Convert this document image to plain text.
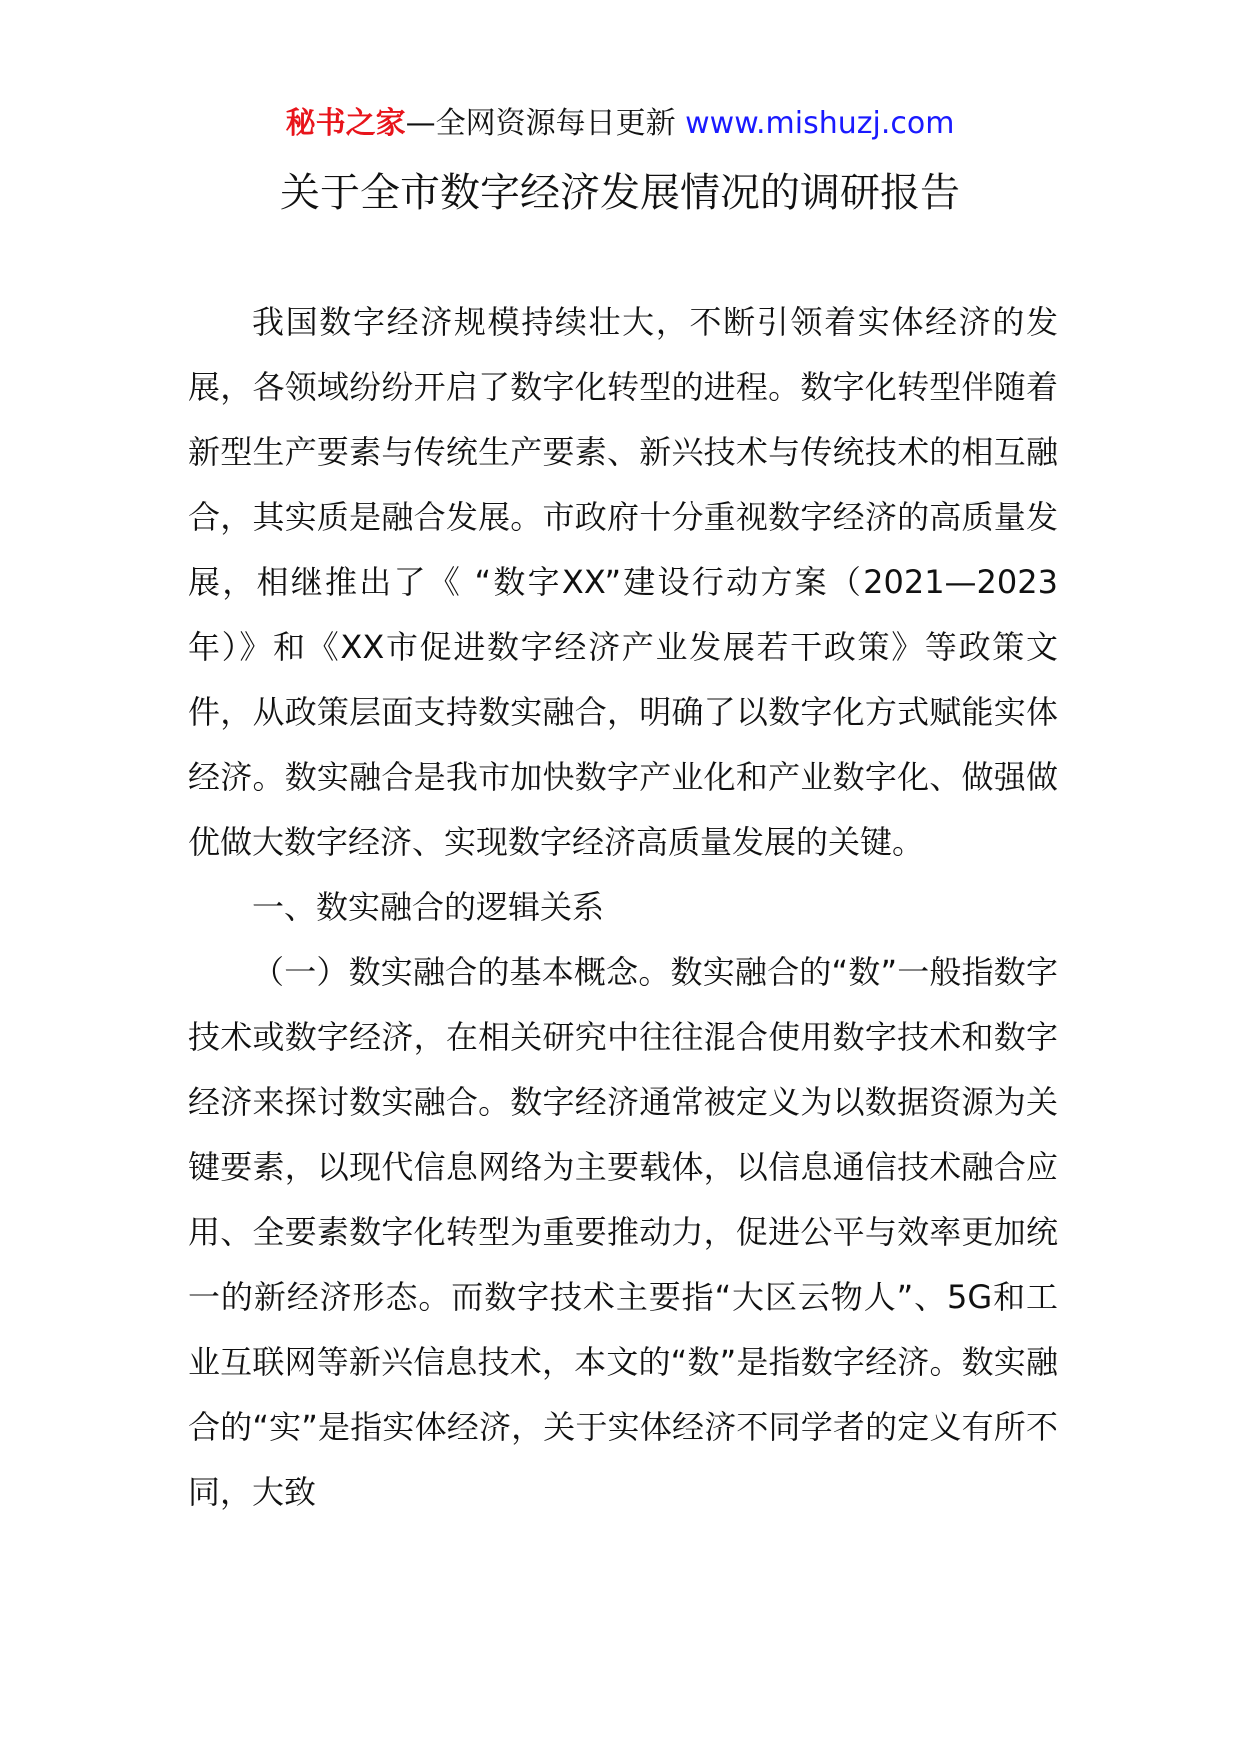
秘书之家—全网资源每日更新 www.mishuzj.com
关于全市数字经济发展情况的调研报告

我国数字经济规模持续壮大，不断引领着实体经济的发展，各领域纷纷开启了数字化转型的进程。数字化转型伴随着新型生产要素与传统生产要素、新兴技术与传统技术的相互融合，其实质是融合发展。市政府十分重视数字经济的高质量发展，相继推出了《 “数字XX”建设行动方案（2021—2023年）》和《XX市促进数字经济产业发展若干政策》等政策文件，从政策层面支持数实融合，明确了以数字化方式赋能实体经济。数实融合是我市加快数字产业化和产业数字化、做强做优做大数字经济、实现数字经济高质量发展的关键。

一、数实融合的逻辑关系

（一）数实融合的基本概念。数实融合的“数”一般指数字技术或数字经济，在相关研究中往往混合使用数字技术和数字经济来探讨数实融合。数字经济通常被定义为以数据资源为关键要素，以现代信息网络为主要载体，以信息通信技术融合应用、全要素数字化转型为重要推动力，促进公平与效率更加统一的新经济形态。而数字技术主要指“大区云物人”、5G和工业互联网等新兴信息技术，本文的“数”是指数字经济。数实融合的“实”是指实体经济，关于实体经济不同学者的定义有所不同，大致
